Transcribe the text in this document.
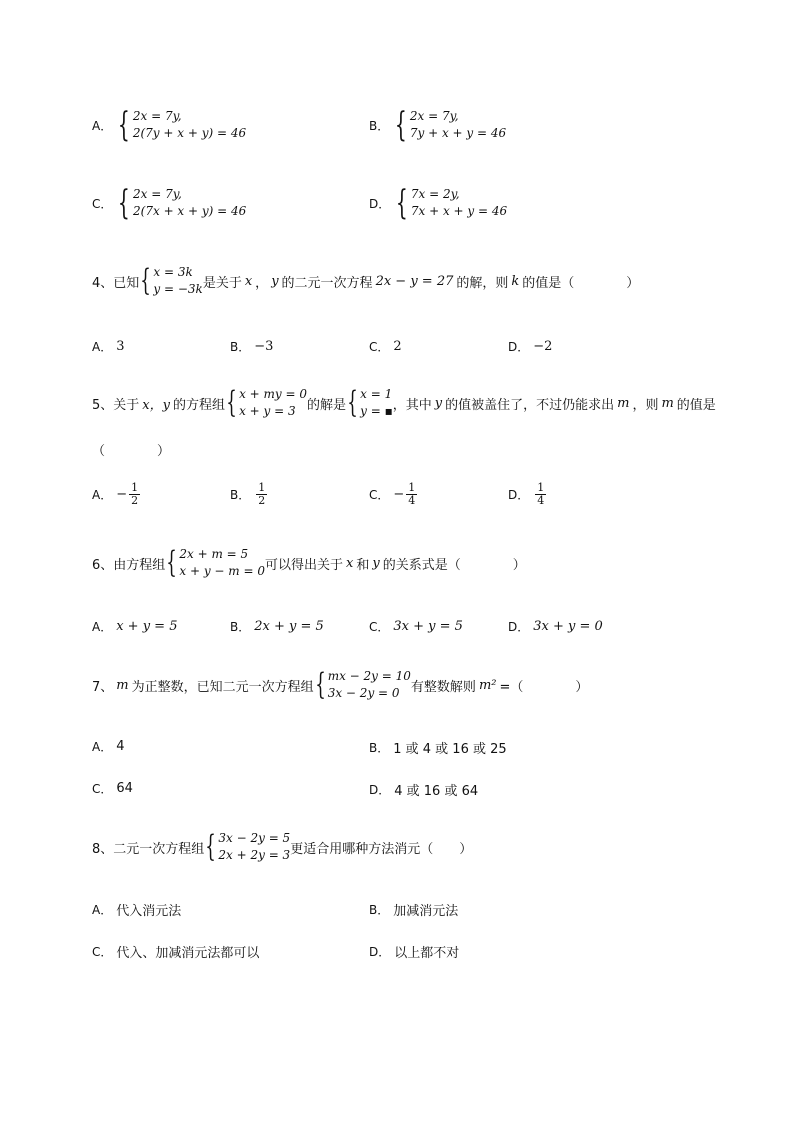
A． { 2x = 7y,
2(7y + x + y) = 46
B． { 2x = 7y,
7y + x + y = 46
C． { 2x = 7y,
2(7x + x + y) = 46
D． { 7x = 2y,
7x + x + y = 46
4、已知 { x = 3k
y = −3k 是关于 x ， y 的二元一次方程 2x − y = 27 的解，则 k 的值是（　　　　）
A． 3	B． −3	C． 2	D． −2
5、关于 x，y 的方程组 { x + my = 0
x + y = 3 的解是 { x = 1
y = ▪ ，其中 y 的值被盖住了，不过仍能求出 m ，则 m 的值是
（　　　　）
A． − $\frac{1}{2}$	B． $\frac{1}{2}$	C． − $\frac{1}{4}$	D． $\frac{1}{4}$
6、由方程组 { 2x + m = 5
x + y − m = 0 可以得出关于 x 和 y 的关系式是（　　　　）
A． x + y = 5	B． 2x + y = 5	C． 3x + y = 5	D． 3x + y = 0
7、 m 为正整数，已知二元一次方程组 { mx − 2y = 10
3x − 2y = 0 有整数解则 m² =（　　　　）
A． 4	B． 1 或 4 或 16 或 25
C． 64	D． 4 或 16 或 64
8、二元一次方程组 { 3x − 2y = 5
2x + 2y = 3 更适合用哪种方法消元（　　）
A． 代入消元法	B． 加减消元法
C． 代入、加减消元法都可以	D． 以上都不对
